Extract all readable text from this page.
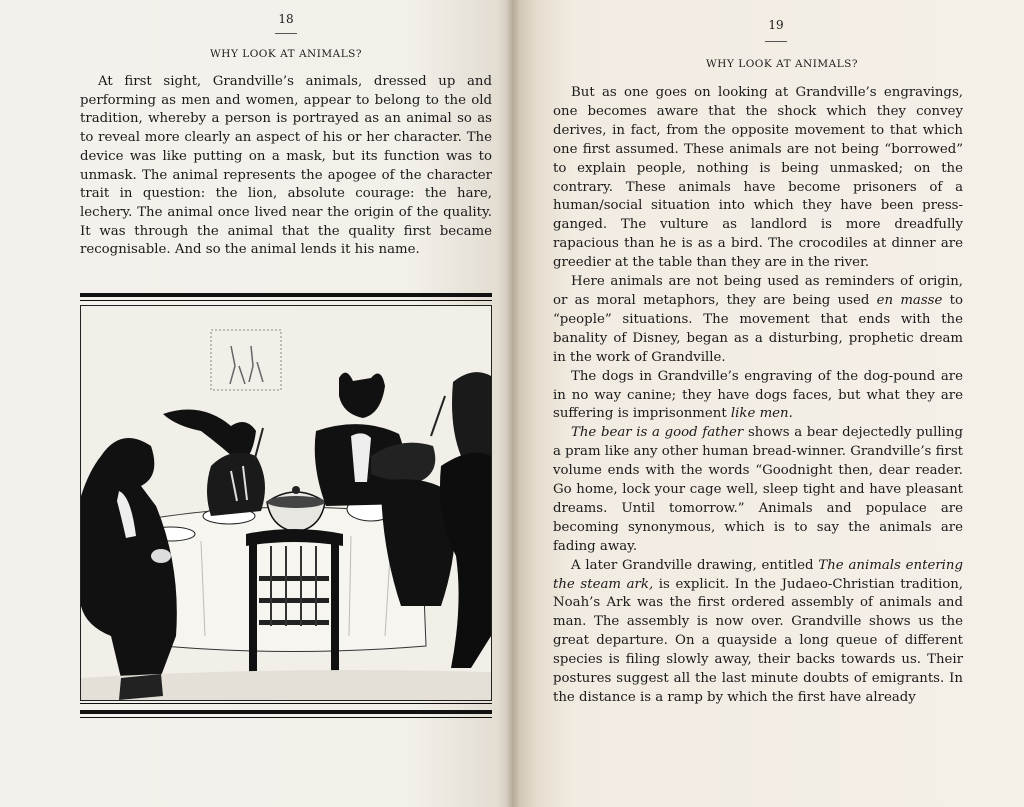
18
WHY LOOK AT ANIMALS?

At first sight, Grandville’s animals, dressed up and performing as men and women, appear to belong to the old tradition, whereby a person is portrayed as an animal so as to reveal more clearly an aspect of his or her character. The device was like putting on a mask, but its function was to unmask. The animal represents the apogee of the character trait in question: the lion, absolute courage: the hare, lechery. The animal once lived near the origin of the quality. It was through the animal that the quality first became recognisable. And so the animal lends it his name.

19
WHY LOOK AT ANIMALS?

But as one goes on looking at Grandville’s engravings, one becomes aware that the shock which they convey derives, in fact, from the opposite movement to that which one first assumed. These animals are not being “borrowed” to explain people, nothing is being unmasked; on the contrary. These animals have become prisoners of a human/social situation into which they have been press-ganged. The vulture as landlord is more dreadfully rapacious than he is as a bird. The crocodiles at dinner are greedier at the table than they are in the river.

Here animals are not being used as reminders of origin, or as moral metaphors, they are being used en masse to “people” situations. The movement that ends with the banality of Disney, began as a disturbing, prophetic dream in the work of Grandville.

The dogs in Grandville’s engraving of the dog-pound are in no way canine; they have dogs faces, but what they are suffering is imprisonment like men.

The bear is a good father shows a bear dejectedly pulling a pram like any other human bread-winner. Grandville’s first volume ends with the words “Goodnight then, dear reader. Go home, lock your cage well, sleep tight and have pleasant dreams. Until tomorrow.” Animals and populace are becoming synonymous, which is to say the animals are fading away.

A later Grandville drawing, entitled The animals entering the steam ark, is explicit. In the Judaeo-Christian tradition, Noah’s Ark was the first ordered assembly of animals and man. The assembly is now over. Grandville shows us the great departure. On a quayside a long queue of different species is filing slowly away, their backs towards us. Their postures suggest all the last minute doubts of emigrants. In the distance is a ramp by which the first have already
